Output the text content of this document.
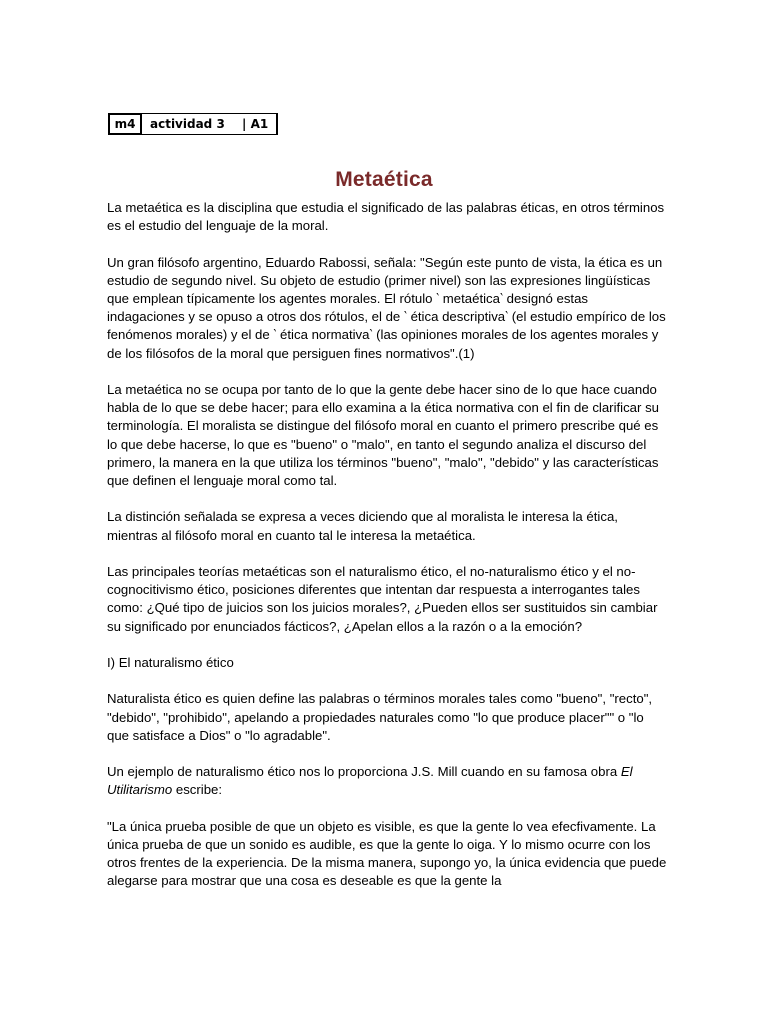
m4	actividad 3	|
A1
Metaética

La metaética es la disciplina que estudia el significado de las palabras éticas, en otros términos es el estudio del lenguaje de la moral.

Un gran filósofo argentino, Eduardo Rabossi, señala: "Según este punto de vista, la ética es un estudio de segundo nivel. Su objeto de estudio (primer nivel) son las expresiones lingüísticas que emplean típicamente los agentes morales. El rótulo ‵ metaética‵ designó estas indagaciones y se opuso a otros dos rótulos, el de ‵ ética descriptiva‵ (el estudio empírico de los fenómenos morales) y el de ‵ ética normativa‵ (las opiniones morales de los agentes morales y de los filósofos de la moral que persiguen fines normativos".(1)

La metaética no se ocupa por tanto de lo que la gente debe hacer sino de lo que hace cuando habla de lo que se debe hacer; para ello examina a la ética normativa con el fin de clarificar su terminología. El moralista se distingue del filósofo moral en cuanto el primero prescribe qué es lo que debe hacerse, lo que es "bueno" o "malo", en tanto el segundo analiza el discurso del primero, la manera en la que utiliza los términos "bueno", "malo", "debido" y las características que definen el lenguaje moral como tal.

La distinción señalada se expresa a veces diciendo que al moralista le interesa la ética, mientras al filósofo moral en cuanto tal le interesa la metaética.

Las principales teorías metaéticas son el naturalismo ético, el no-naturalismo ético y el no-cognocitivismo ético, posiciones diferentes que intentan dar respuesta a interrogantes tales como: ¿Qué tipo de juicios son los juicios morales?, ¿Pueden ellos ser sustituidos sin cambiar su significado por enunciados fácticos?, ¿Apelan ellos a la razón o a la emoción?

I) El naturalismo ético

Naturalista ético es quien define las palabras o términos morales tales como "bueno", "recto", "debido", "prohibido", apelando a propiedades naturales como "lo que produce placer"" o "lo que satisface a Dios" o "lo agradable".

Un ejemplo de naturalismo ético nos lo proporciona J.S. Mill cuando en su famosa obra El Utilitarismo escribe:

"La única prueba posible de que un objeto es visible, es que la gente lo vea efecfivamente. La única prueba de que un sonido es audible, es que la gente lo oiga. Y lo mismo ocurre con los otros frentes de la experiencia. De la misma manera, supongo yo, la única evidencia que puede alegarse para mostrar que una cosa es deseable es que la gente la
